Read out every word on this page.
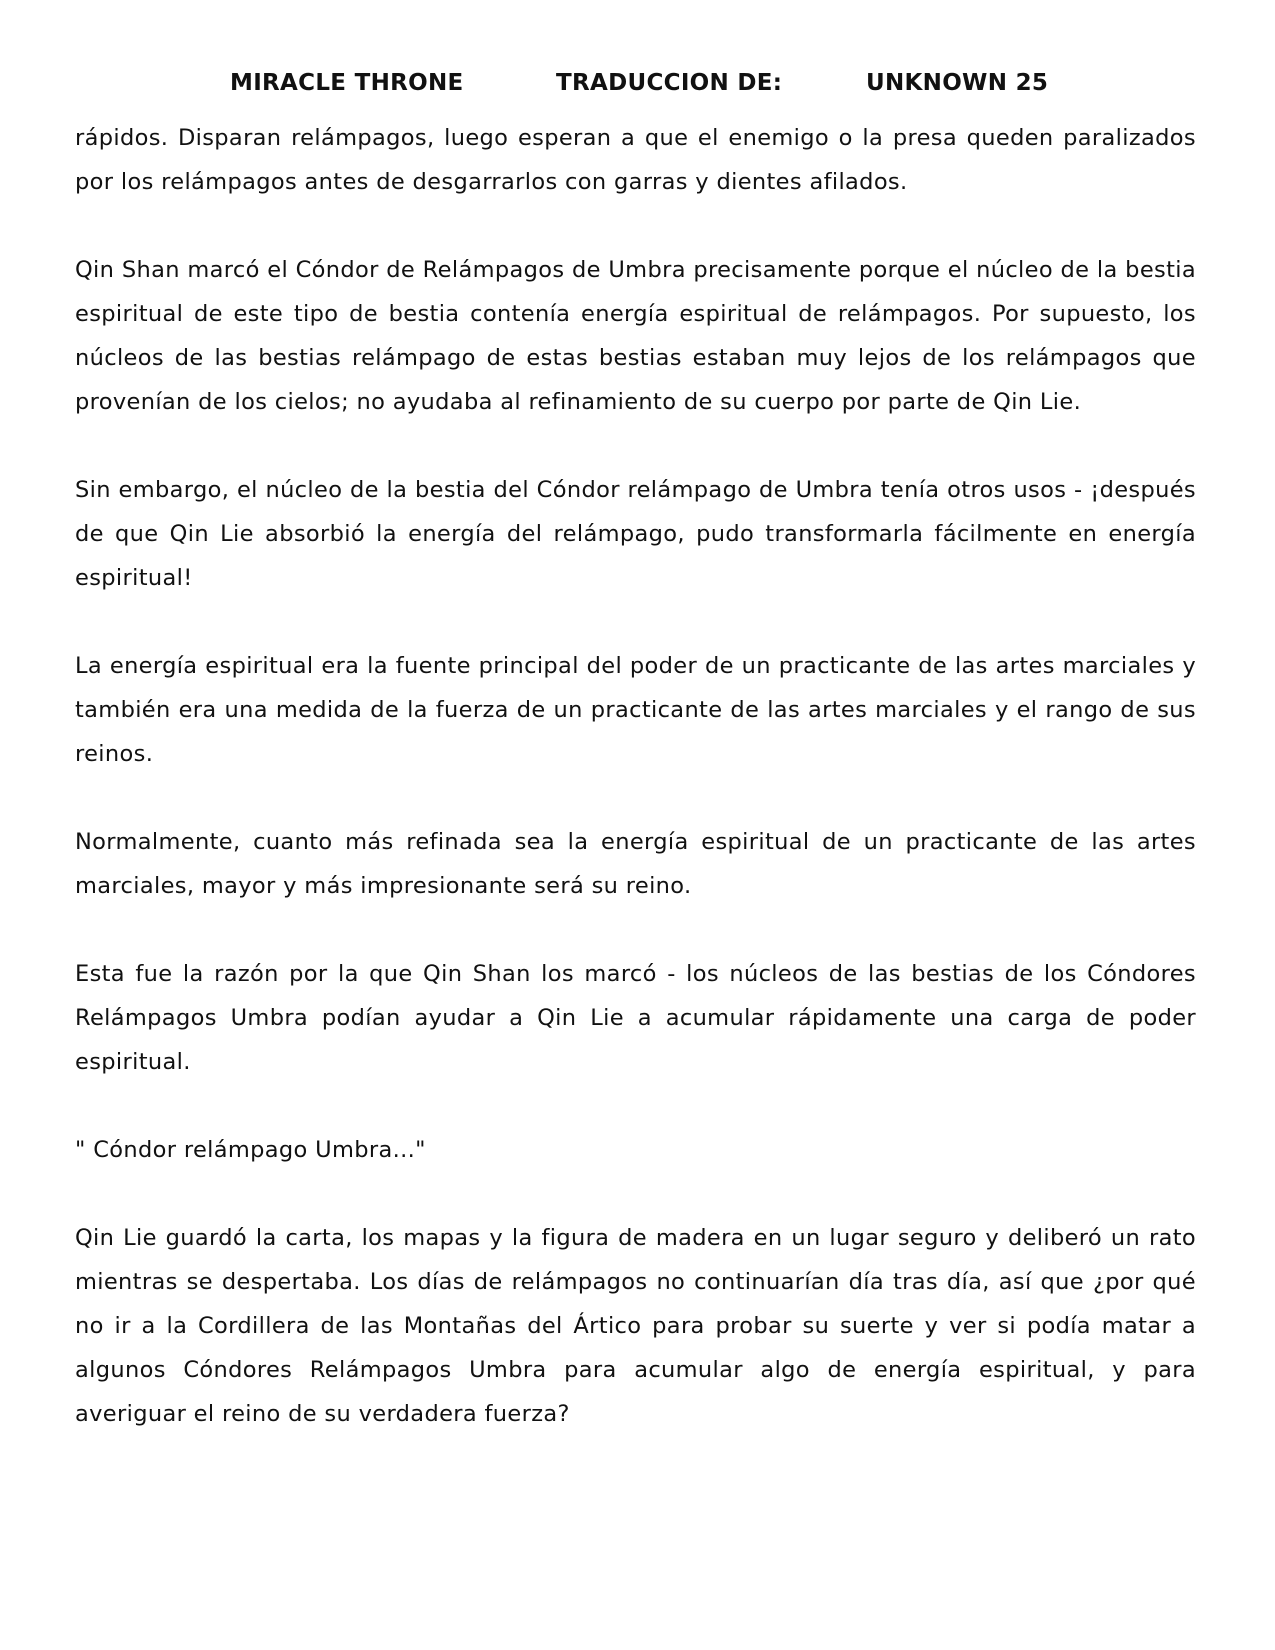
MIRACLE THRONE	TRADUCCION DE:	UNKNOWN 25

rápidos. Disparan relámpagos, luego esperan a que el enemigo o la presa queden paralizados por los relámpagos antes de desgarrarlos con garras y dientes afilados.

Qin Shan marcó el Cóndor de Relámpagos de Umbra precisamente porque el núcleo de la bestia espiritual de este tipo de bestia contenía energía espiritual de relámpagos. Por supuesto, los núcleos de las bestias relámpago de estas bestias estaban muy lejos de los relámpagos que provenían de los cielos; no ayudaba al refinamiento de su cuerpo por parte de Qin Lie.

Sin embargo, el núcleo de la bestia del Cóndor relámpago de Umbra tenía otros usos - ¡después de que Qin Lie absorbió la energía del relámpago, pudo transformarla fácilmente en energía espiritual!

La energía espiritual era la fuente principal del poder de un practicante de las artes marciales y también era una medida de la fuerza de un practicante de las artes marciales y el rango de sus reinos.

Normalmente, cuanto más refinada sea la energía espiritual de un practicante de las artes marciales, mayor y más impresionante será su reino.

Esta fue la razón por la que Qin Shan los marcó - los núcleos de las bestias de los Cóndores Relámpagos Umbra podían ayudar a Qin Lie a acumular rápidamente una carga de poder espiritual.

" Cóndor relámpago Umbra..."

Qin Lie guardó la carta, los mapas y la figura de madera en un lugar seguro y deliberó un rato mientras se despertaba. Los días de relámpagos no continuarían día tras día, así que ¿por qué no ir a la Cordillera de las Montañas del Ártico para probar su suerte y ver si podía matar a algunos Cóndores Relámpagos Umbra para acumular algo de energía espiritual, y para averiguar el reino de su verdadera fuerza?
